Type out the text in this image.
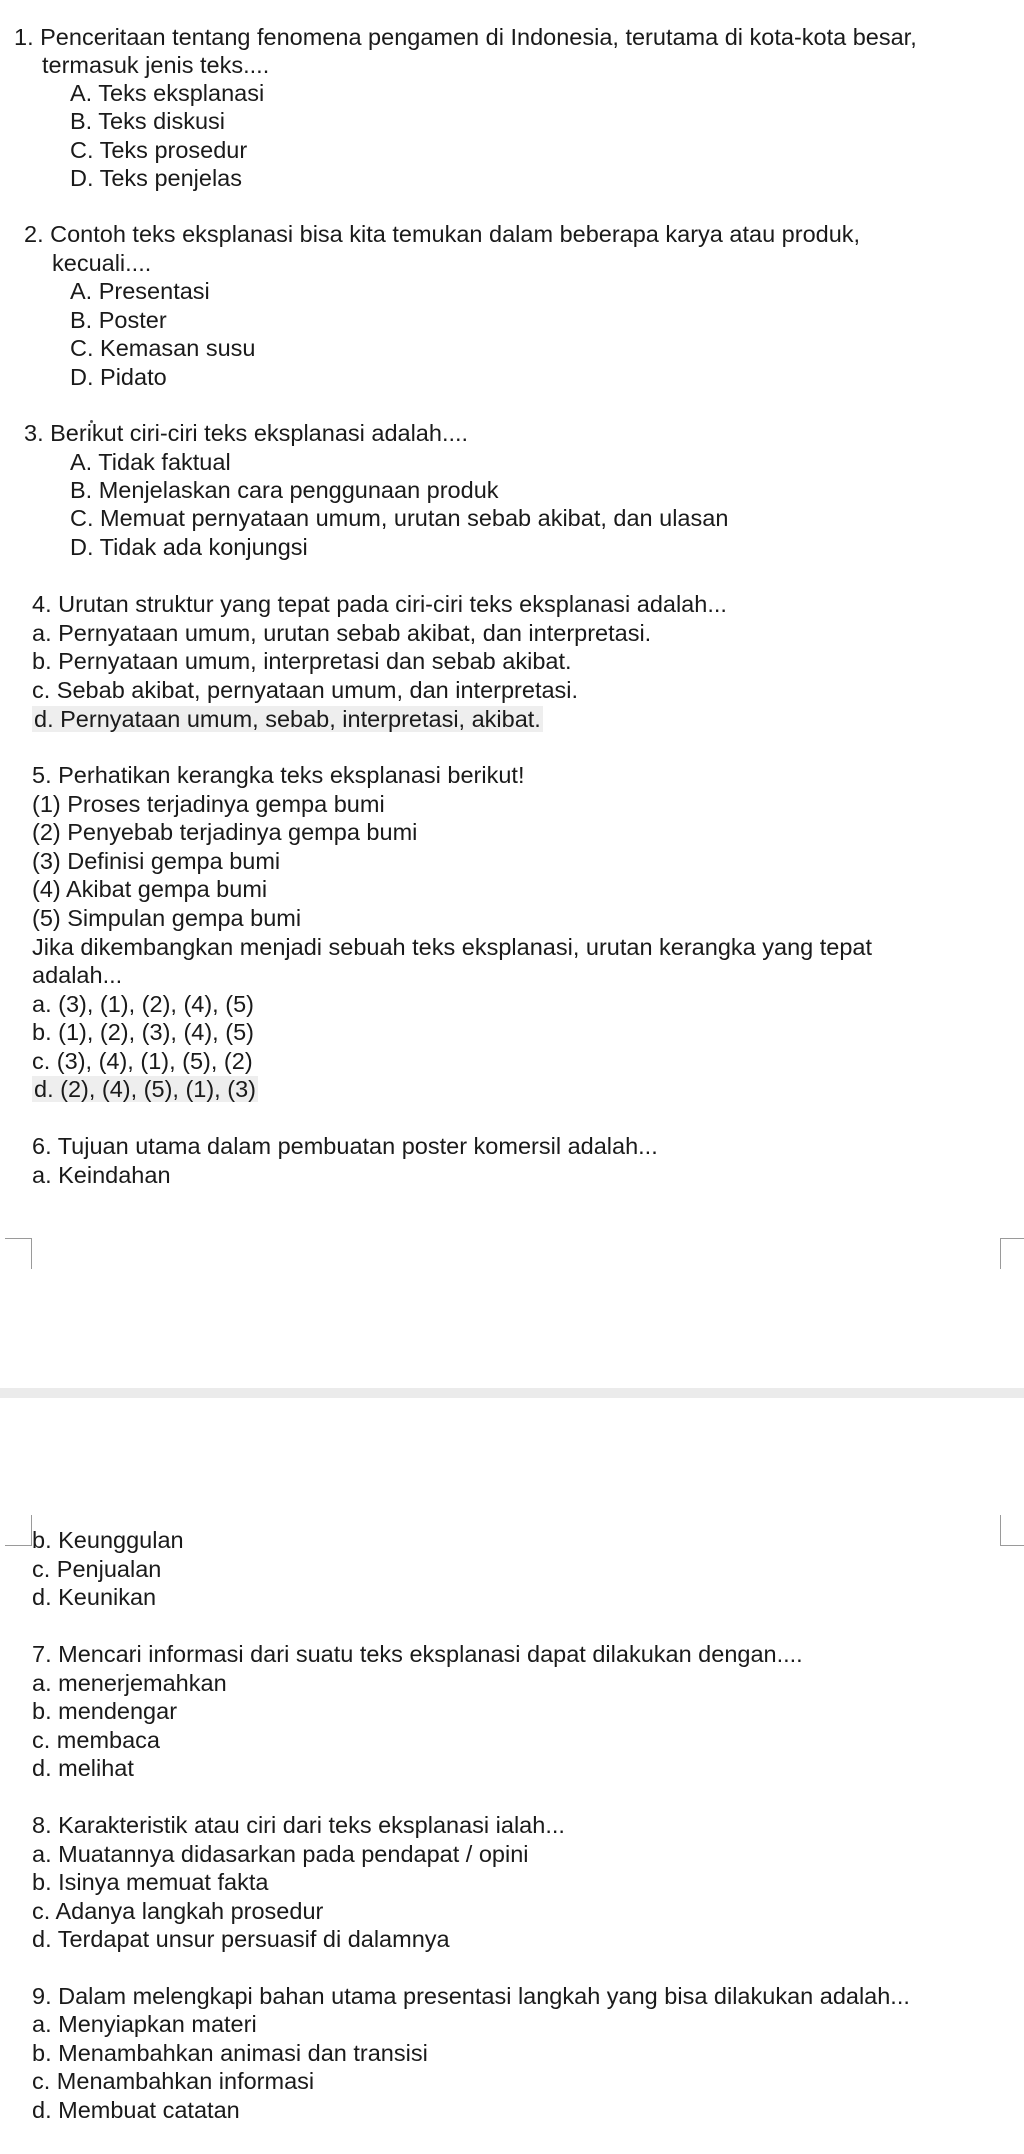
1. Penceritaan tentang fenomena pengamen di Indonesia, terutama di kota-kota besar,
termasuk jenis teks....
A. Teks eksplanasi
B. Teks diskusi
C. Teks prosedur
D. Teks penjelas
2. Contoh teks eksplanasi bisa kita temukan dalam beberapa karya atau produk,
kecuali....
A. Presentasi
B. Poster
C. Kemasan susu
D. Pidato
3. Berikut ciri-ciri teks eksplanasi adalah....
A. Tidak faktual
B. Menjelaskan cara penggunaan produk
C. Memuat pernyataan umum, urutan sebab akibat, dan ulasan
D. Tidak ada konjungsi
4. Urutan struktur yang tepat pada ciri-ciri teks eksplanasi adalah...
a. Pernyataan umum, urutan sebab akibat, dan interpretasi.
b. Pernyataan umum, interpretasi dan sebab akibat.
c. Sebab akibat, pernyataan umum, dan interpretasi.
d. Pernyataan umum, sebab, interpretasi, akibat.
5. Perhatikan kerangka teks eksplanasi berikut!
(1) Proses terjadinya gempa bumi
(2) Penyebab terjadinya gempa bumi
(3) Definisi gempa bumi
(4) Akibat gempa bumi
(5) Simpulan gempa bumi
Jika dikembangkan menjadi sebuah teks eksplanasi, urutan kerangka yang tepat
adalah...
a. (3), (1), (2), (4), (5)
b. (1), (2), (3), (4), (5)
c. (3), (4), (1), (5), (2)
d. (2), (4), (5), (1), (3)
6. Tujuan utama dalam pembuatan poster komersil adalah...
a. Keindahan
b. Keunggulan
c. Penjualan
d. Keunikan
7. Mencari informasi dari suatu teks eksplanasi dapat dilakukan dengan....
a. menerjemahkan
b. mendengar
c. membaca
d. melihat
8. Karakteristik atau ciri dari teks eksplanasi ialah...
a. Muatannya didasarkan pada pendapat / opini
b. Isinya memuat fakta
c. Adanya langkah prosedur
d. Terdapat unsur persuasif di dalamnya
9. Dalam melengkapi bahan utama presentasi langkah yang bisa dilakukan adalah...
a. Menyiapkan materi
b. Menambahkan animasi dan transisi
c. Menambahkan informasi
d. Membuat catatan
